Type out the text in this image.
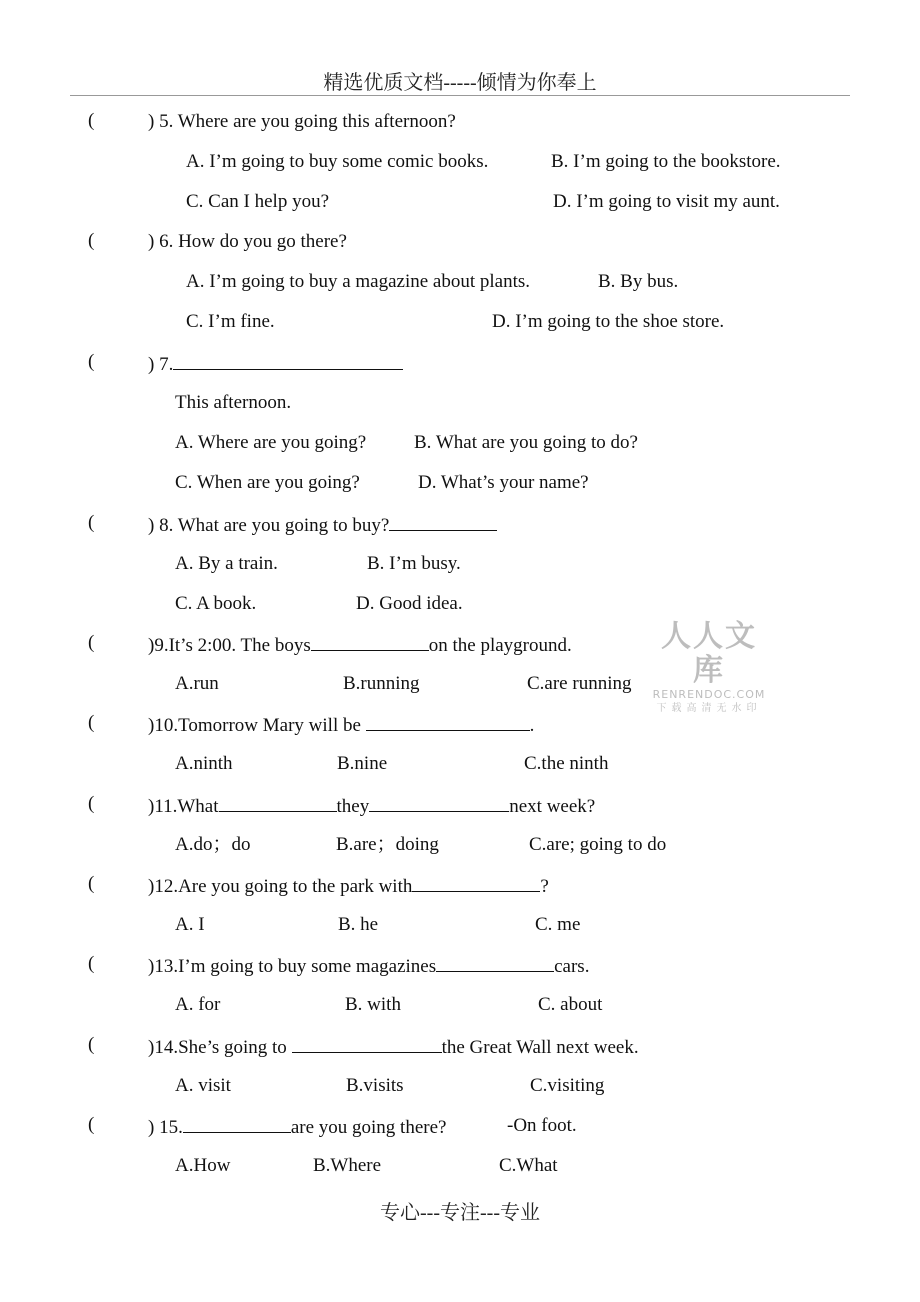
精选优质文档-----倾情为你奉上
(	) 5. Where are you going this afternoon?
A. I’m going to buy some comic books.	B. I’m going to the bookstore.
C. Can I help you?	D. I’m going to visit my aunt.
(	) 6. How do you go there?
A. I’m going to buy a magazine about plants.	B. By bus.
C. I’m fine.	D. I’m going to the shoe store.
(	) 7.
This afternoon.
A. Where are you going?	B. What are you going to do?
C. When are you going?	D. What’s your name?
(	) 8. What are you going to buy?
A. By a train.	B. I’m busy.
C. A book.	D. Good idea.
(	)9.It’s 2:00. The boys	on the playground.
A.run	B.running	C.are running
人人文库
RENRENDOC.COM
下载高清无水印
(	)10.Tomorrow Mary will be	.
A.ninth	B.nine	C.the ninth
(	)11.What	they	next week?
A.do；do	B.are；doing	C.are; going to do
(	)12.Are you going to the park with	?
A. I	B. he	C. me
(	)13.I’m going to buy some magazines	cars.
A. for	B. with	C. about
(	)14.She’s going to	the Great Wall next week.
A. visit	B.visits	C.visiting
(	) 15.	are you going there?	-On foot.
A.How	B.Where	C.What
专心---专注---专业
